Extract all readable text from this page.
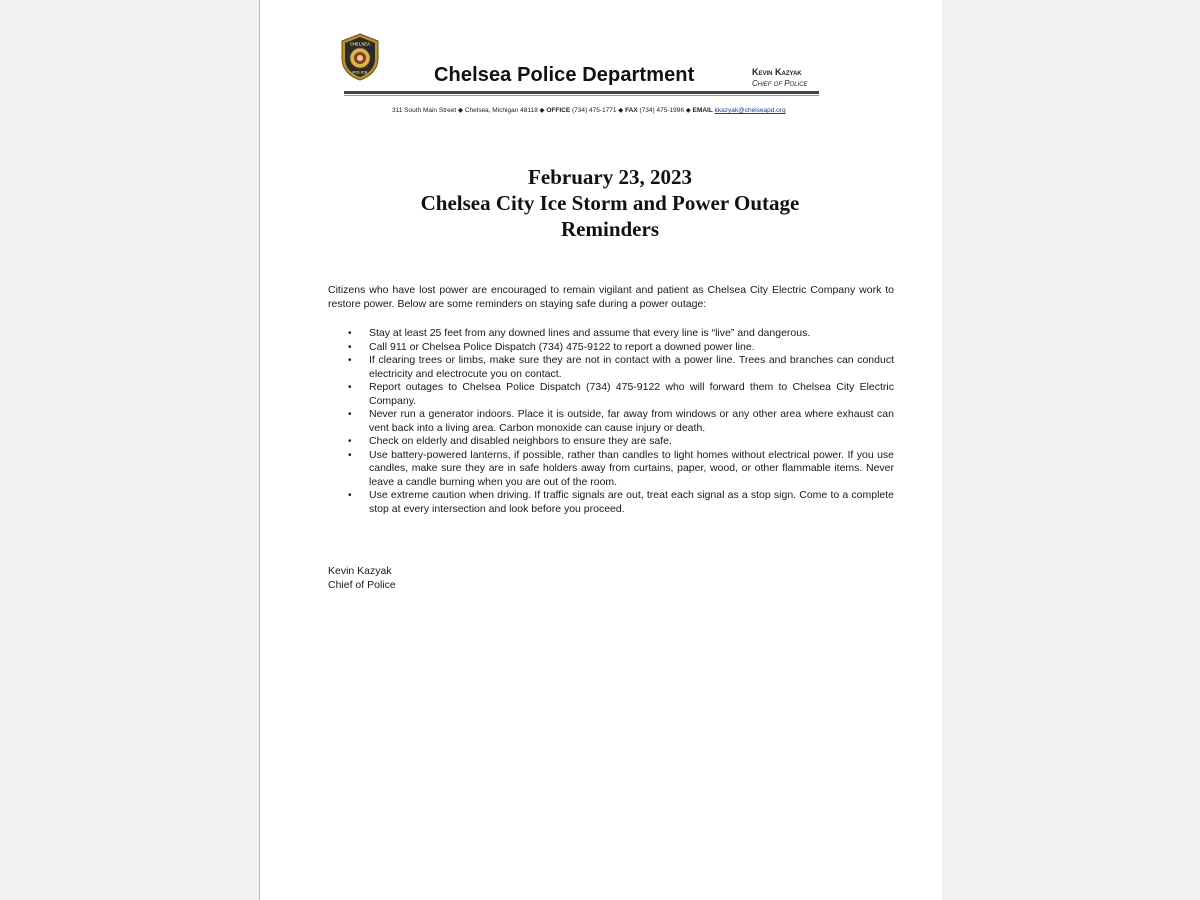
CHELSEA
POLICE	Chelsea Police Department	Kevin Kazyak
Chief of Police
311 South Main Street ◆ Chelsea, Michigan 48118 ◆ OFFICE (734) 475-1771 ◆ FAX (734) 475-1996 ◆ EMAIL kkazyak@chelseapd.org
February 23, 2023
Chelsea City Ice Storm and Power Outage
Reminders
Citizens who have lost power are encouraged to remain vigilant and patient as Chelsea City Electric Company work to restore power. Below are some reminders on staying safe during a power outage:
• Stay at least 25 feet from any downed lines and assume that every line is “live” and dangerous.
• Call 911 or Chelsea Police Dispatch (734) 475-9122 to report a downed power line.
• If clearing trees or limbs, make sure they are not in contact with a power line. Trees and branches can conduct electricity and electrocute you on contact.
• Report outages to Chelsea Police Dispatch (734) 475-9122 who will forward them to Chelsea City Electric Company.
• Never run a generator indoors. Place it is outside, far away from windows or any other area where exhaust can vent back into a living area. Carbon monoxide can cause injury or death.
• Check on elderly and disabled neighbors to ensure they are safe.
• Use battery-powered lanterns, if possible, rather than candles to light homes without electrical power. If you use candles, make sure they are in safe holders away from curtains, paper, wood, or other flammable items. Never leave a candle burning when you are out of the room.
• Use extreme caution when driving. If traffic signals are out, treat each signal as a stop sign. Come to a complete stop at every intersection and look before you proceed.
Kevin Kazyak
Chief of Police
